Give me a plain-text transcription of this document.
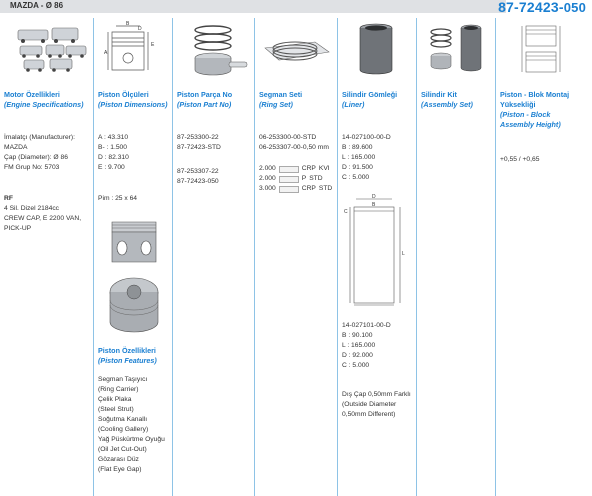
MAZDA - Ø 86	87-72423-050
Motor Özellikleri
(Engine Specifications)
İmalatçı (Manufacturer):
MAZDA
Çap (Diameter): Ø 86
FM Grup No: 5703
RF
4 Sil. Dizel 2184cc
CREW CAP, E 2200 VAN,
PICK-UP
B
D
A
E
Piston Ölçüleri
(Piston Dimensions)
A : 43.310
B- : 1.500
D : 82.310
E : 9.700
Pim : 25 x 64
Piston Özellikleri
(Piston Features)
Segman Taşıyıcı
(Ring Carrier)
Çelik Plaka
(Steel Strut)
Soğutma Kanallı
(Cooling Gallery)
Yağ Püskürtme Oyuğu
(Oil Jet Cut-Out)
Gözarası Düz
(Flat Eye Gap)
Piston Parça No
(Piston Part No)
87-253300-22
87-72423-STD
87-253307-22
87-72423-050
Segman Seti
(Ring Set)
06-253300-00-STD
06-253307-00-0,50 mm
2.000	CRP KVI
2.000	P STD
3.000	CRP STD
Silindir Gömleği
(Liner)
14-027100-00-D
B : 89.600
L : 165.000
D : 91.500
C : 5.000
D
B
L
C
14-027101-00-D
B : 90.100
L : 165.000
D : 92.000
C : 5.000
Dış Çap 0,50mm Farklı
(Outside Diameter
0,50mm Different)
Silindir Kit
(Assembly Set)
Piston - Blok Montaj
Yüksekliği
(Piston - Block
Assembly Height)
+0,55 / +0,65
